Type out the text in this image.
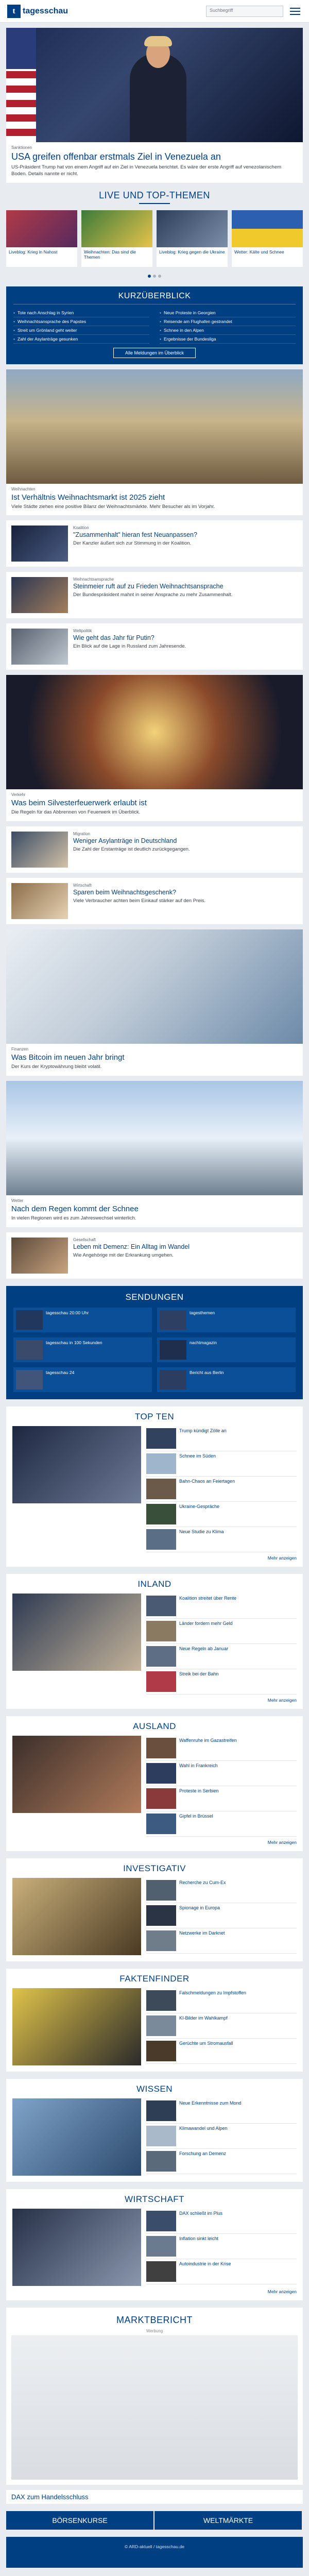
t tagesschau	Suchbegriff
Sanktionen
USA greifen offenbar erstmals Ziel in Venezuela an

US-Präsident Trump hat von einem Angriff auf ein Ziel in Venezuela berichtet. Es wäre der erste Angriff auf venezolanischem Boden. Details nannte er nicht.

LIVE UND TOP-THEMEN
Liveblog: Krieg in Nahost	Weihnachten: Das sind die Themen
Liveblog: Krieg gegen die Ukraine	Wetter: Kälte und Schnee
KURZÜBERBLICK
▪ Tote nach Anschlag in Syrien
▪ Weihnachtsansprache des Papstes
▪ Streit um Grönland geht weiter
▪ Zahl der Asylanträge gesunken
▪ Neue Proteste in Georgien
▪ Reisende am Flughafen gestrandet
▪ Schnee in den Alpen
▪ Ergebnisse der Bundesliga
Alle Meldungen im Überblick
Weihnachten
Ist Verhältnis Weihnachtsmarkt ist 2025 zieht

Viele Städte ziehen eine positive Bilanz der Weihnachtsmärkte. Mehr Besucher als im Vorjahr.

Koalition
"Zusammenhalt" hieran fest Neuanpassen?

Der Kanzler äußert sich zur Stimmung in der Koalition.

Weihnachtsansprache
Steinmeier ruft auf zu Frieden Weihnachtsansprache

Der Bundespräsident mahnt in seiner Ansprache zu mehr Zusammenhalt.

Weltpolitik
Wie geht das Jahr für Putin?

Ein Blick auf die Lage in Russland zum Jahresende.

Verkehr
Was beim Silvesterfeuerwerk erlaubt ist

Die Regeln für das Abbrennen von Feuerwerk im Überblick.

Migration
Weniger Asylanträge in Deutschland

Die Zahl der Erstanträge ist deutlich zurückgegangen.

Wirtschaft
Sparen beim Weihnachtsgeschenk?

Viele Verbraucher achten beim Einkauf stärker auf den Preis.

Finanzen
Was Bitcoin im neuen Jahr bringt

Der Kurs der Kryptowährung bleibt volatil.

Wetter
Nach dem Regen kommt der Schnee

In vielen Regionen wird es zum Jahreswechsel winterlich.

Gesellschaft
Leben mit Demenz: Ein Alltag im Wandel

Wie Angehörige mit der Erkrankung umgehen.

SENDUNGEN
tagesschau 20:00 Uhr	tagesthemen
tagesschau in 100 Sekunden	nachtmagazin
tagesschau 24	Bericht aus Berlin
TOP TEN
Trump kündigt Zölle an
Schnee im Süden
Bahn-Chaos an Feiertagen
Ukraine-Gespräche
Neue Studie zu Klima
Mehr anzeigen
INLAND
Koalition streitet über Rente
Länder fordern mehr Geld
Neue Regeln ab Januar
Streik bei der Bahn
Mehr anzeigen
AUSLAND
Waffenruhe im Gazastreifen
Wahl in Frankreich
Proteste in Serbien
Gipfel in Brüssel
Mehr anzeigen
INVESTIGATIV
Recherche zu Cum-Ex
Spionage in Europa
Netzwerke im Darknet
FAKTENFINDER
Falschmeldungen zu Impfstoffen
KI-Bilder im Wahlkampf
Gerüchte um Stromausfall
WISSEN
Neue Erkenntnisse zum Mond
Klimawandel und Alpen
Forschung an Demenz
WIRTSCHAFT
DAX schließt im Plus
Inflation sinkt leicht
Autoindustrie in der Krise
Mehr anzeigen
MARKTBERICHT
Werbung
DAX zum Handelsschluss
BÖRSENKURSE	WELTMÄRKTE
© ARD-aktuell / tagesschau.de
